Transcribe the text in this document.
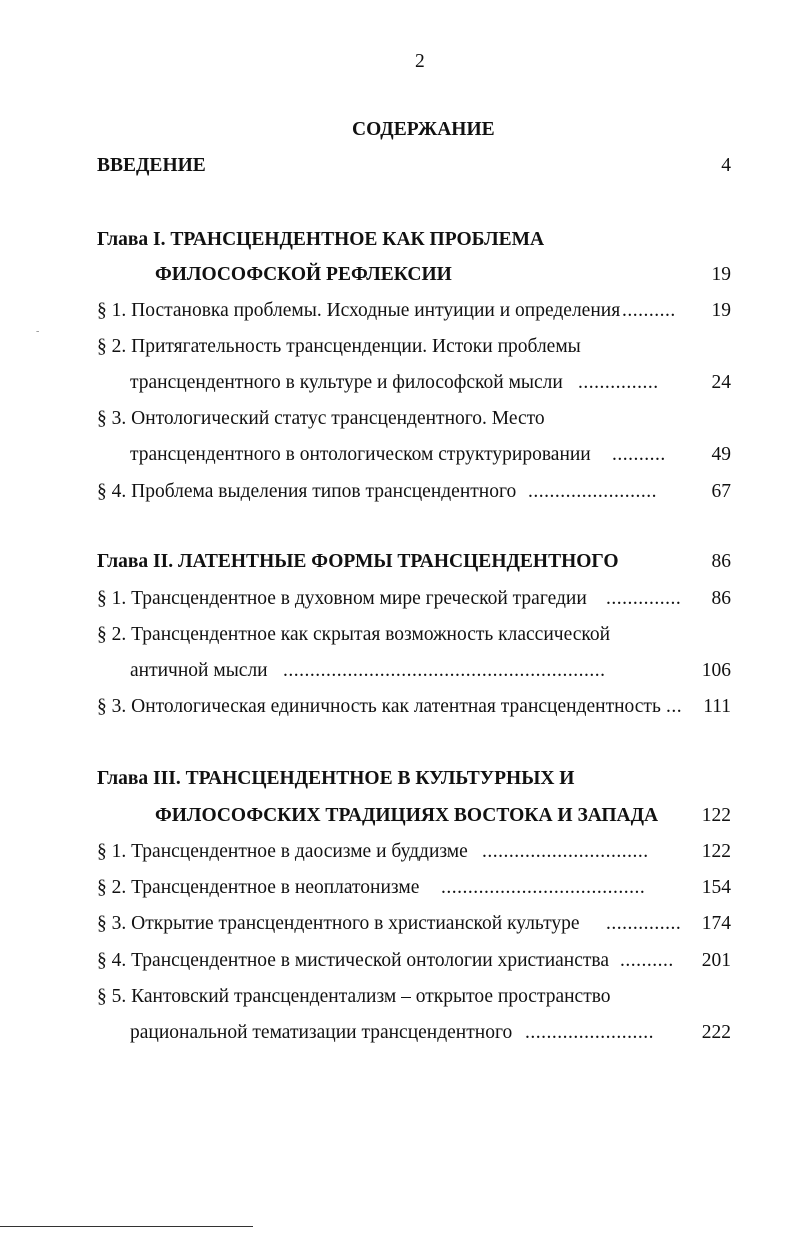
2
-
СОДЕРЖАНИЕ
ВВЕДЕНИЕ	4
Глава I. ТРАНСЦЕНДЕНТНОЕ КАК ПРОБЛЕМА
ФИЛОСОФСКОЙ РЕФЛЕКСИИ	19
§ 1. Постановка проблемы. Исходные интуиции и определения ..........	19
§ 2. Притягательность трансценденции. Истоки проблемы
трансцендентного в культуре и философской мысли ...............	24
§ 3. Онтологический статус трансцендентного. Место
трансцендентного в онтологическом структурировании ..........	49
§ 4. Проблема выделения типов трансцендентного ........................	67
Глава II. ЛАТЕНТНЫЕ ФОРМЫ ТРАНСЦЕНДЕНТНОГО	86
§ 1. Трансцендентное в духовном мире греческой трагедии ..............	86
§ 2. Трансцендентное как скрытая возможность классической
античной мысли ............................................................	106
§ 3. Онтологическая единичность как латентная трансцендентность ...	111
Глава III. ТРАНСЦЕНДЕНТНОЕ В КУЛЬТУРНЫХ И
ФИЛОСОФСКИХ ТРАДИЦИЯХ ВОСТОКА И ЗАПАДА	122
§ 1. Трансцендентное в даосизме и буддизме ...............................	122
§ 2. Трансцендентное в неоплатонизме ......................................	154
§ 3. Открытие трансцендентного в христианской культуре ..............	174
§ 4. Трансцендентное в мистической онтологии христианства ..........	201
§ 5. Кантовский трансцендентализм – открытое пространство
рациональной тематизации трансцендентного ........................	222
